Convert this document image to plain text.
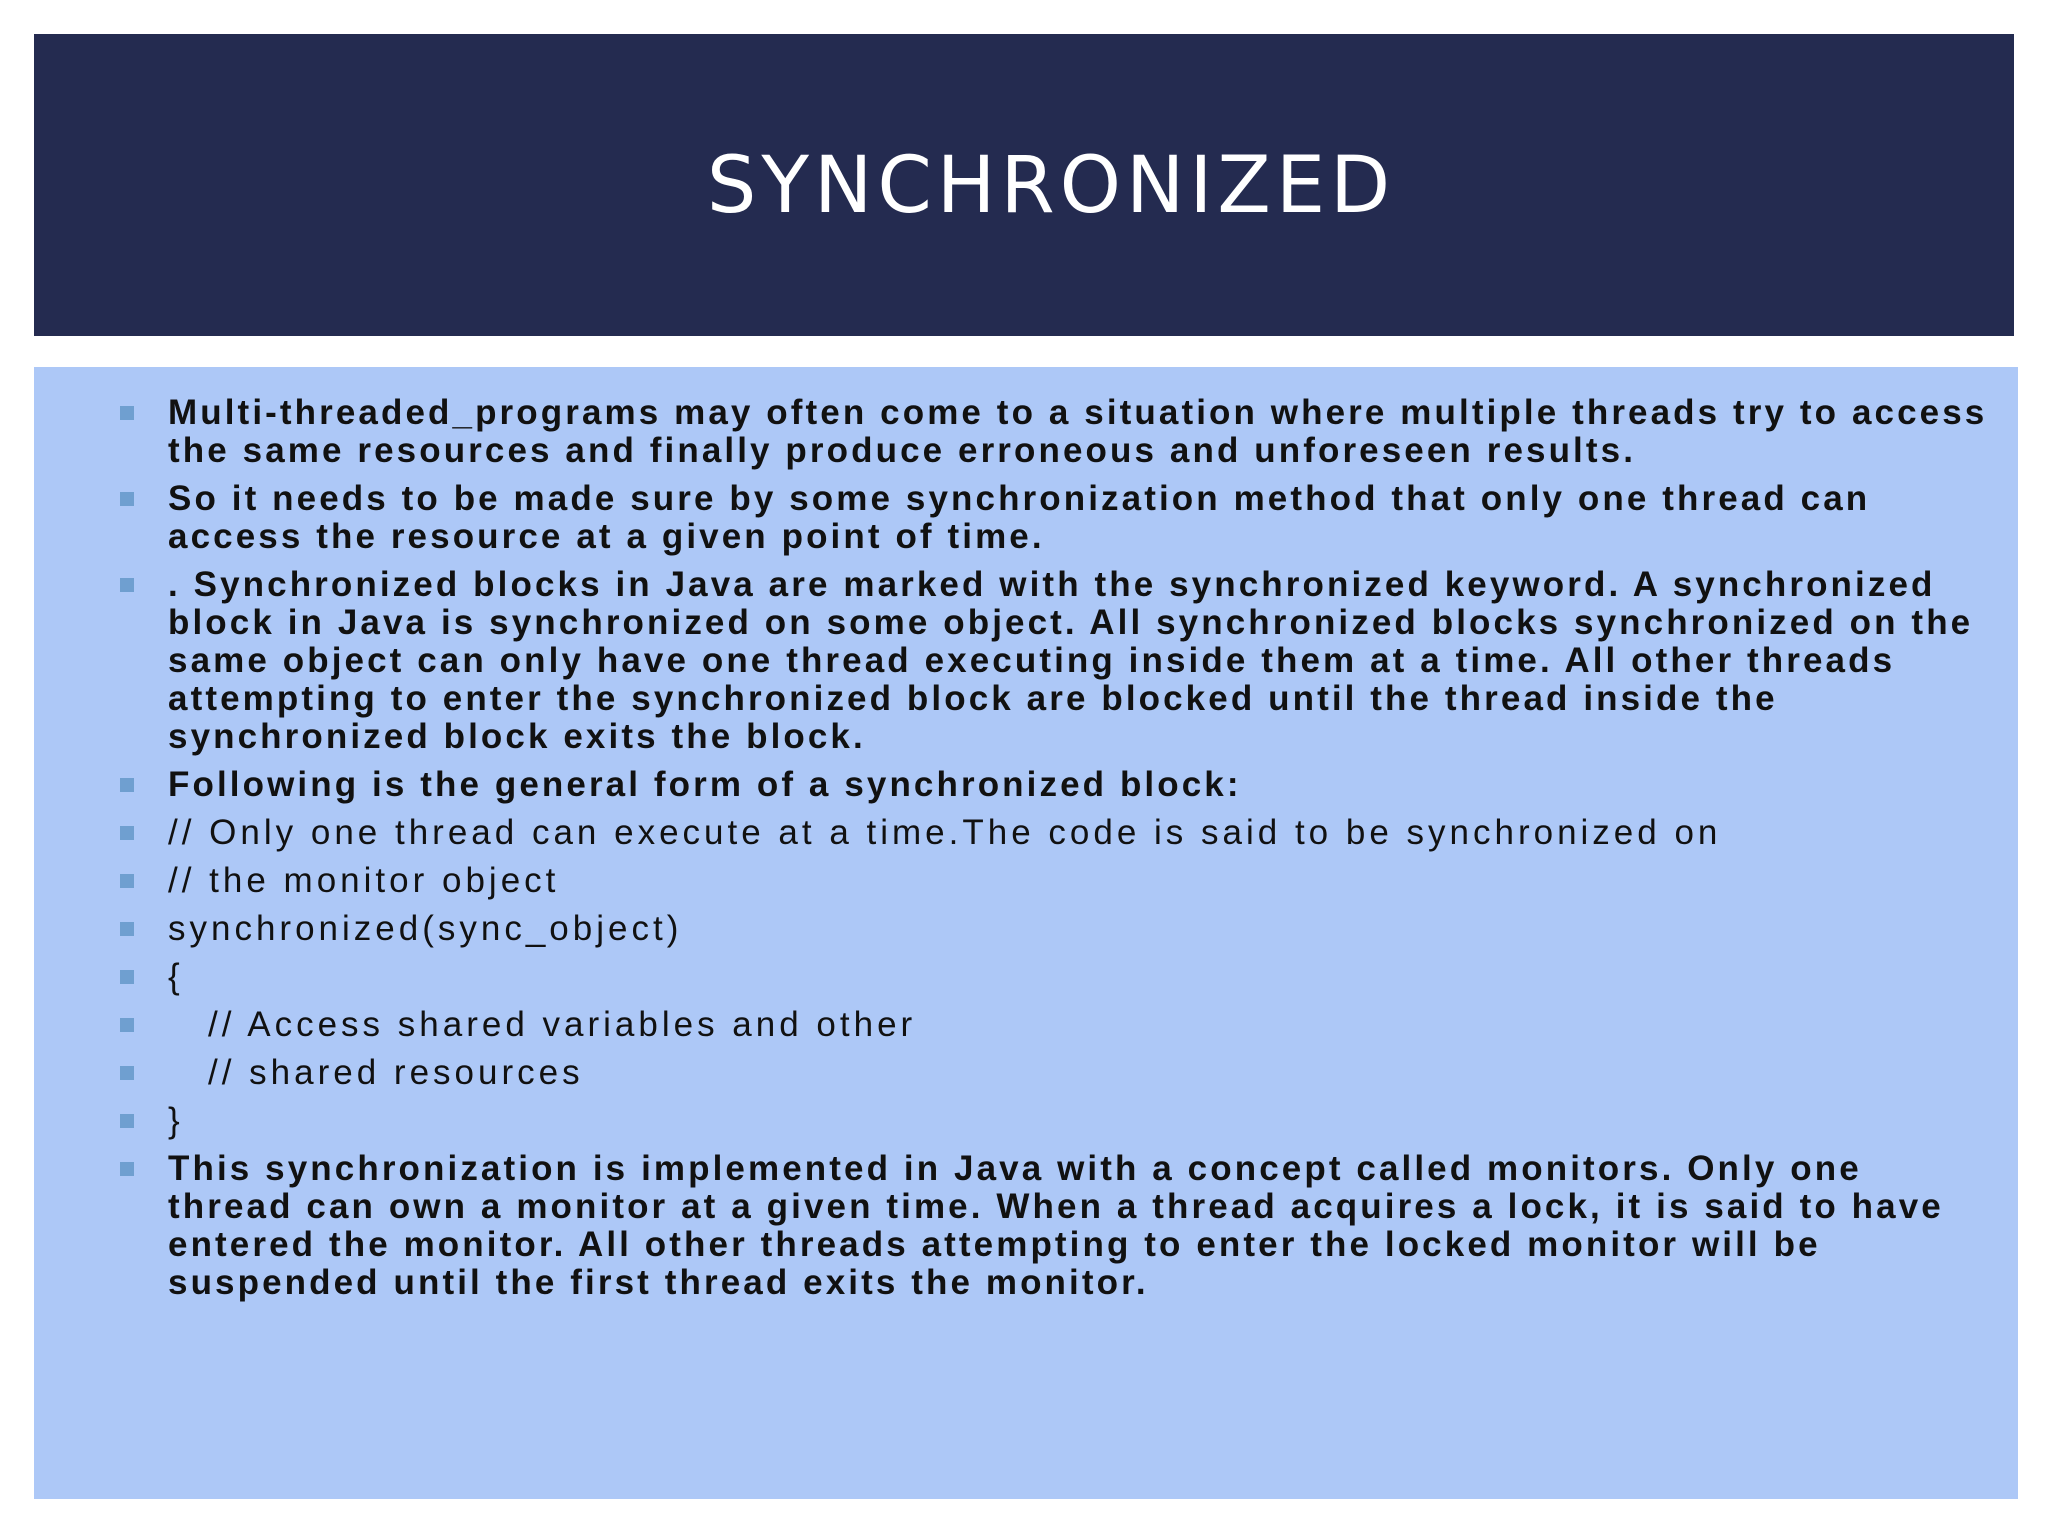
SYNCHRONIZED
Multi-threaded_programs may often come to a situation where multiple threads try to access the same resources and finally produce erroneous and unforeseen results.
So it needs to be made sure by some synchronization method that only one thread can access the resource at a given point of time.
. Synchronized blocks in Java are marked with the synchronized keyword. A synchronized block in Java is synchronized on some object. All synchronized blocks synchronized on the same object can only have one thread executing inside them at a time. All other threads attempting to enter the synchronized block are blocked until the thread inside the synchronized block exits the block.
Following is the general form of a synchronized block:
// Only one thread can execute at a time.The code is said to be synchronized on
// the monitor object
synchronized(sync_object)
{
// Access shared variables and other
// shared resources
}
This synchronization is implemented in Java with a concept called monitors. Only one thread can own a monitor at a given time. When a thread acquires a lock, it is said to have entered the monitor. All other threads attempting to enter the locked monitor will be suspended until the first thread exits the monitor.
